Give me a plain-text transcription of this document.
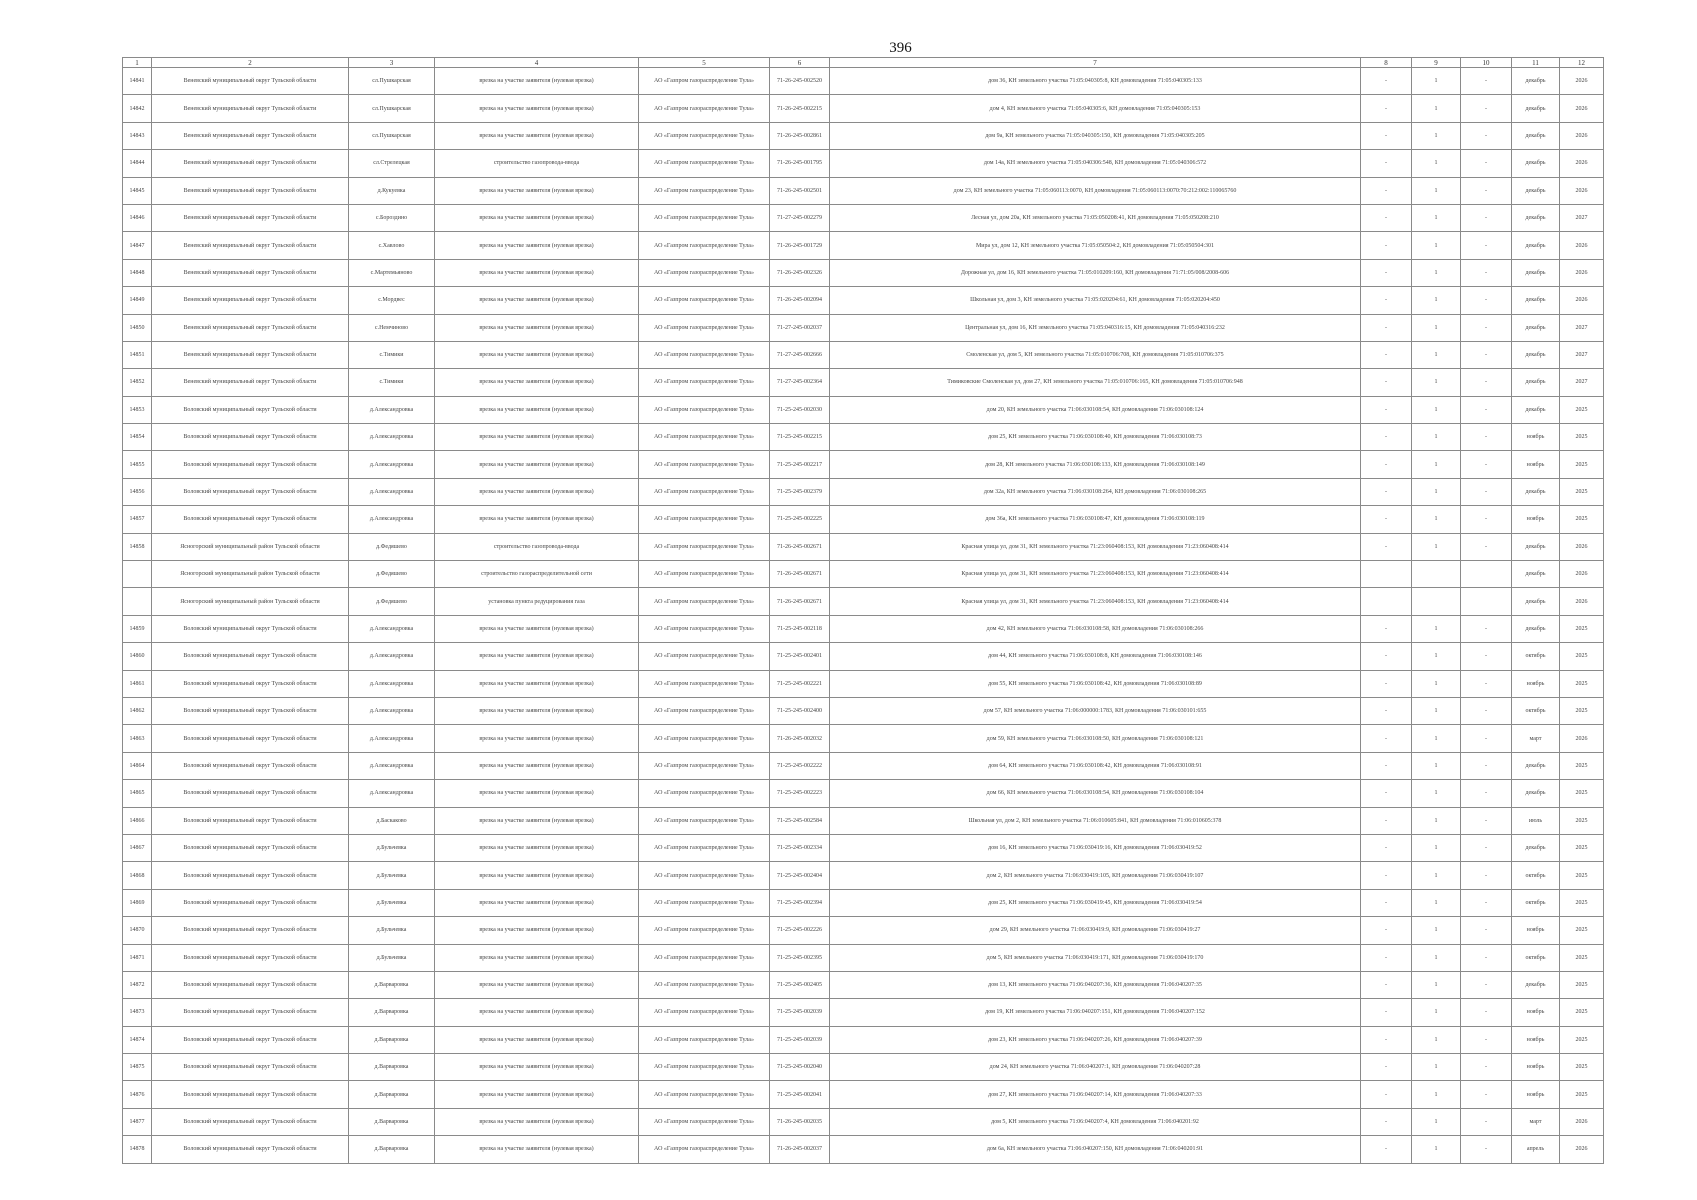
396
1	2	3	4	5	6	7	8	9	10	11	12
14841	Веневский муниципальный округ Тульской области	сл.Пушкарская	врезка на участке заявителя (нулевая врезка)	АО «Газпром газораспределение Тула»	71-26-245-002520	дом 36, КН земельного участка 71:05:040305:8, КН домовладения 71:05:040305:133	-	1	-	декабрь	2026
14842	Веневский муниципальный округ Тульской области	сл.Пушкарская	врезка на участке заявителя (нулевая врезка)	АО «Газпром газораспределение Тула»	71-26-245-002215	дом 4, КН земельного участка 71:05:040305:6, КН домовладения 71:05:040305:153	-	1	-	декабрь	2026
14843	Веневский муниципальный округ Тульской области	сл.Пушкарская	врезка на участке заявителя (нулевая врезка)	АО «Газпром газораспределение Тула»	71-26-245-002861	дом 9а, КН земельного участка 71:05:040305:150, КН домовладения 71:05:040305:205	-	1	-	декабрь	2026
14844	Веневский муниципальный округ Тульской области	сл.Стрелецкая	строительство газопровода-ввода	АО «Газпром газораспределение Тула»	71-26-245-001795	дом 14а, КН земельного участка 71:05:040306:548, КН домовладения 71:05:040306:572	-	1	-	декабрь	2026
14845	Веневский муниципальный округ Тульской области	д.Кукуевка	врезка на участке заявителя (нулевая врезка)	АО «Газпром газораспределение Тула»	71-26-245-002501	дом 23, КН земельного участка 71:05:060113:0070, КН домовладения 71:05:060113:0070:70:212:002:110065760	-	1	-	декабрь	2026
14846	Веневский муниципальный округ Тульской области	с.Бороздино	врезка на участке заявителя (нулевая врезка)	АО «Газпром газораспределение Тула»	71-27-245-002279	Лесная ул, дом 20а, КН земельного участка 71:05:050208:41, КН домовладения 71:05:050208:210	-	1	-	декабрь	2027
14847	Веневский муниципальный округ Тульской области	с.Хавлово	врезка на участке заявителя (нулевая врезка)	АО «Газпром газораспределение Тула»	71-26-245-001729	Мира ул, дом 12, КН земельного участка 71:05:050504:2, КН домовладения 71:05:050504:301	-	1	-	декабрь	2026
14848	Веневский муниципальный округ Тульской области	с.Мартемьяново	врезка на участке заявителя (нулевая врезка)	АО «Газпром газораспределение Тула»	71-26-245-002326	Дорожная ул, дом 16, КН земельного участка 71:05:010209:160, КН домовладения 71:71:05/008/2008-606	-	1	-	декабрь	2026
14849	Веневский муниципальный округ Тульской области	с.Мордвес	врезка на участке заявителя (нулевая врезка)	АО «Газпром газораспределение Тула»	71-26-245-002094	Школьная ул, дом 3, КН земельного участка 71:05:020204:61, КН домовладения 71:05:020204:450	-	1	-	декабрь	2026
14850	Веневский муниципальный округ Тульской области	с.Немчиново	врезка на участке заявителя (нулевая врезка)	АО «Газпром газораспределение Тула»	71-27-245-002037	Центральная ул, дом 16, КН земельного участка 71:05:040316:15, КН домовладения 71:05:040316:232	-	1	-	декабрь	2027
14851	Веневский муниципальный округ Тульской области	с.Тимики	врезка на участке заявителя (нулевая врезка)	АО «Газпром газораспределение Тула»	71-27-245-002666	Смоленская ул, дом 5, КН земельного участка 71:05:010706:708, КН домовладения 71:05:010706:375	-	1	-	декабрь	2027
14852	Веневский муниципальный округ Тульской области	с.Тимики	врезка на участке заявителя (нулевая врезка)	АО «Газпром газораспределение Тула»	71-27-245-002364	Тимиковские Смоленская ул, дом 27, КН земельного участка 71:05:010706:165, КН домовладения 71:05:010706:948	-	1	-	декабрь	2027
14853	Воловский муниципальный округ Тульской области	д.Александровка	врезка на участке заявителя (нулевая врезка)	АО «Газпром газораспределение Тула»	71-25-245-002030	дом 20, КН земельного участка 71:06:030108:54, КН домовладения 71:06:030108:124	-	1	-	декабрь	2025
14854	Воловский муниципальный округ Тульской области	д.Александровка	врезка на участке заявителя (нулевая врезка)	АО «Газпром газораспределение Тула»	71-25-245-002215	дом 25, КН земельного участка 71:06:030108:40, КН домовладения 71:06:030108:73	-	1	-	ноябрь	2025
14855	Воловский муниципальный округ Тульской области	д.Александровка	врезка на участке заявителя (нулевая врезка)	АО «Газпром газораспределение Тула»	71-25-245-002217	дом 28, КН земельного участка 71:06:030108:133, КН домовладения 71:06:030108:149	-	1	-	ноябрь	2025
14856	Воловский муниципальный округ Тульской области	д.Александровка	врезка на участке заявителя (нулевая врезка)	АО «Газпром газораспределение Тула»	71-25-245-002379	дом 32а, КН земельного участка 71:06:030108:264, КН домовладения 71:06:030108:265	-	1	-	декабрь	2025
14857	Воловский муниципальный округ Тульской области	д.Александровка	врезка на участке заявителя (нулевая врезка)	АО «Газпром газораспределение Тула»	71-25-245-002225	дом 36а, КН земельного участка 71:06:030108:47, КН домовладения 71:06:030108:119	-	1	-	ноябрь	2025
14858	Ясногорский муниципальный район Тульской области	д.Федяшево	строительство газопровода-ввода	АО «Газпром газораспределение Тула»	71-26-245-002671	Красная улица ул, дом 31, КН земельного участка 71:23:060408:153, КН домовладения 71:23:060408:414	-	1	-	декабрь	2026
	Ясногорский муниципальный район Тульской области	д.Федяшево	строительство газораспределительной сети	АО «Газпром газораспределение Тула»	71-26-245-002671	Красная улица ул, дом 31, КН земельного участка 71:23:060408:153, КН домовладения 71:23:060408:414				декабрь	2026
	Ясногорский муниципальный район Тульской области	д.Федяшево	установка пункта редуцирования газа	АО «Газпром газораспределение Тула»	71-26-245-002671	Красная улица ул, дом 31, КН земельного участка 71:23:060408:153, КН домовладения 71:23:060408:414				декабрь	2026
14859	Воловский муниципальный округ Тульской области	д.Александровка	врезка на участке заявителя (нулевая врезка)	АО «Газпром газораспределение Тула»	71-25-245-002118	дом 42, КН земельного участка 71:06:030108:58, КН домовладения 71:06:030108:266	-	1	-	декабрь	2025
14860	Воловский муниципальный округ Тульской области	д.Александровка	врезка на участке заявителя (нулевая врезка)	АО «Газпром газораспределение Тула»	71-25-245-002401	дом 44, КН земельного участка 71:06:030108:8, КН домовладения 71:06:030108:146	-	1	-	октябрь	2025
14861	Воловский муниципальный округ Тульской области	д.Александровка	врезка на участке заявителя (нулевая врезка)	АО «Газпром газораспределение Тула»	71-25-245-002221	дом 55, КН земельного участка 71:06:030108:42, КН домовладения 71:06:030108:89	-	1	-	ноябрь	2025
14862	Воловский муниципальный округ Тульской области	д.Александровка	врезка на участке заявителя (нулевая врезка)	АО «Газпром газораспределение Тула»	71-25-245-002400	дом 57, КН земельного участка 71:06:000000:1783, КН домовладения 71:06:030101:655	-	1	-	октябрь	2025
14863	Воловский муниципальный округ Тульской области	д.Александровка	врезка на участке заявителя (нулевая врезка)	АО «Газпром газораспределение Тула»	71-26-245-002032	дом 59, КН земельного участка 71:06:030108:50, КН домовладения 71:06:030108:121	-	1	-	март	2026
14864	Воловский муниципальный округ Тульской области	д.Александровка	врезка на участке заявителя (нулевая врезка)	АО «Газпром газораспределение Тула»	71-25-245-002222	дом 64, КН земельного участка 71:06:030108:42, КН домовладения 71:06:030108:91	-	1	-	декабрь	2025
14865	Воловский муниципальный округ Тульской области	д.Александровка	врезка на участке заявителя (нулевая врезка)	АО «Газпром газораспределение Тула»	71-25-245-002223	дом 66, КН земельного участка 71:06:030108:54, КН домовладения 71:06:030108:104	-	1	-	декабрь	2025
14866	Воловский муниципальный округ Тульской области	д.Баскаково	врезка на участке заявителя (нулевая врезка)	АО «Газпром газораспределение Тула»	71-25-245-002584	Школьная ул, дом 2, КН земельного участка 71:06:010605:841, КН домовладения 71:06:010605:378	-	1	-	июль	2025
14867	Воловский муниципальный округ Тульской области	д.Бульчевка	врезка на участке заявителя (нулевая врезка)	АО «Газпром газораспределение Тула»	71-25-245-002334	дом 16, КН земельного участка 71:06:030419:16, КН домовладения 71:06:030419:52	-	1	-	декабрь	2025
14868	Воловский муниципальный округ Тульской области	д.Бульчевка	врезка на участке заявителя (нулевая врезка)	АО «Газпром газораспределение Тула»	71-25-245-002404	дом 2, КН земельного участка 71:06:030419:105, КН домовладения 71:06:030419:107	-	1	-	октябрь	2025
14869	Воловский муниципальный округ Тульской области	д.Бульчевка	врезка на участке заявителя (нулевая врезка)	АО «Газпром газораспределение Тула»	71-25-245-002394	дом 25, КН земельного участка 71:06:030419:45, КН домовладения 71:06:030419:54	-	1	-	октябрь	2025
14870	Воловский муниципальный округ Тульской области	д.Бульчевка	врезка на участке заявителя (нулевая врезка)	АО «Газпром газораспределение Тула»	71-25-245-002226	дом 29, КН земельного участка 71:06:030419:9, КН домовладения 71:06:030419:27	-	1	-	ноябрь	2025
14871	Воловский муниципальный округ Тульской области	д.Бульчевка	врезка на участке заявителя (нулевая врезка)	АО «Газпром газораспределение Тула»	71-25-245-002395	дом 5, КН земельного участка 71:06:030419:171, КН домовладения 71:06:030419:170	-	1	-	октябрь	2025
14872	Воловский муниципальный округ Тульской области	д.Варваровка	врезка на участке заявителя (нулевая врезка)	АО «Газпром газораспределение Тула»	71-25-245-002405	дом 13, КН земельного участка 71:06:040207:36, КН домовладения 71:06:040207:35	-	1	-	декабрь	2025
14873	Воловский муниципальный округ Тульской области	д.Варваровка	врезка на участке заявителя (нулевая врезка)	АО «Газпром газораспределение Тула»	71-25-245-002039	дом 19, КН земельного участка 71:06:040207:151, КН домовладения 71:06:040207:152	-	1	-	ноябрь	2025
14874	Воловский муниципальный округ Тульской области	д.Варваровка	врезка на участке заявителя (нулевая врезка)	АО «Газпром газораспределение Тула»	71-25-245-002039	дом 23, КН земельного участка 71:06:040207:26, КН домовладения 71:06:040207:39	-	1	-	ноябрь	2025
14875	Воловский муниципальный округ Тульской области	д.Варваровка	врезка на участке заявителя (нулевая врезка)	АО «Газпром газораспределение Тула»	71-25-245-002040	дом 24, КН земельного участка 71:06:040207:1, КН домовладения 71:06:040207:28	-	1	-	ноябрь	2025
14876	Воловский муниципальный округ Тульской области	д.Варваровка	врезка на участке заявителя (нулевая врезка)	АО «Газпром газораспределение Тула»	71-25-245-002041	дом 27, КН земельного участка 71:06:040207:14, КН домовладения 71:06:040207:33	-	1	-	ноябрь	2025
14877	Воловский муниципальный округ Тульской области	д.Варваровка	врезка на участке заявителя (нулевая врезка)	АО «Газпром газораспределение Тула»	71-26-245-002035	дом 5, КН земельного участка 71:06:040207:4, КН домовладения 71:06:040201:92	-	1	-	март	2026
14878	Воловский муниципальный округ Тульской области	д.Варваровка	врезка на участке заявителя (нулевая врезка)	АО «Газпром газораспределение Тула»	71-26-245-002037	дом 6а, КН земельного участка 71:06:040207:150, КН домовладения 71:06:040201:91	-	1	-	апрель	2026
